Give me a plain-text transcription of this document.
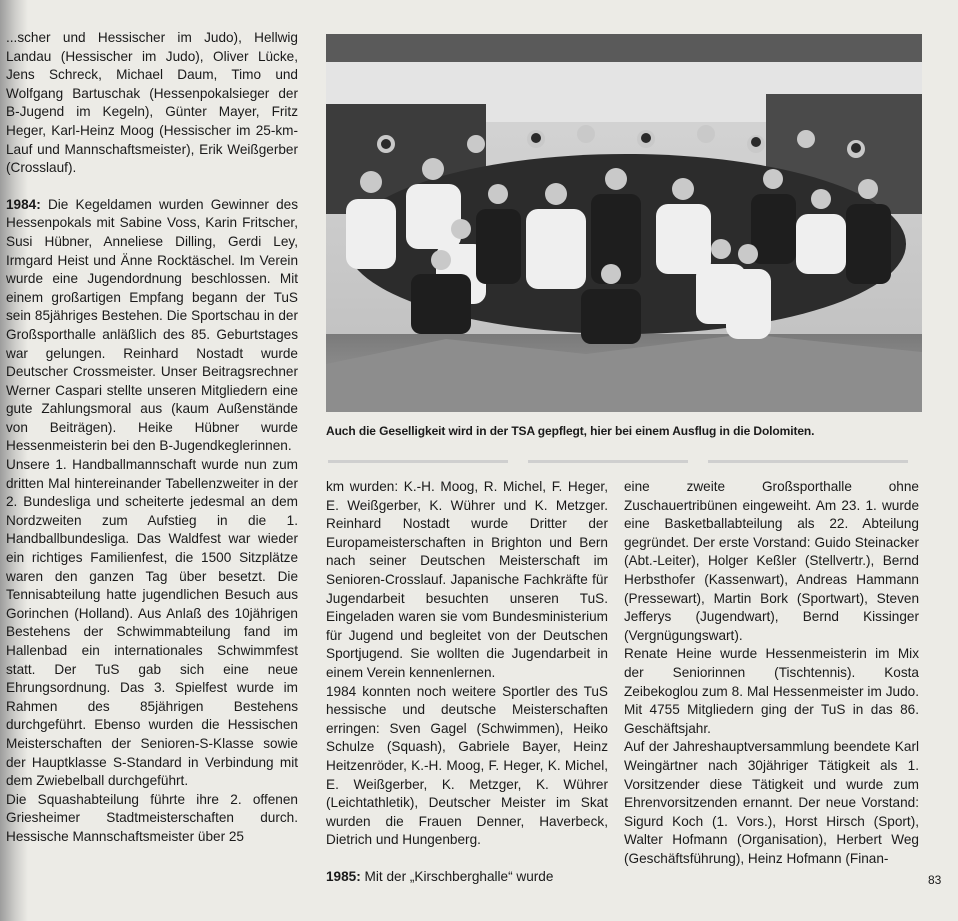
...scher und Hessischer im Judo), Hellwig Landau (Hessischer im Judo), Oliver Lücke, Jens Schreck, Michael Daum, Timo und Wolfgang Bartuschak (Hessenpokalsieger der B-Jugend im Kegeln), Günter Mayer, Fritz Heger, Karl-Heinz Moog (Hessischer im 25-km-Lauf und Mannschaftsmeister), Erik Weißgerber (Crosslauf).

1984: Die Kegeldamen wurden Gewinner des Hessenpokals mit Sabine Voss, Karin Fritscher, Susi Hübner, Anneliese Dilling, Gerdi Ley, Irmgard Heist und Änne Rocktäschel. Im Verein wurde eine Jugendordnung beschlossen. Mit einem großartigen Empfang begann der TuS sein 85jähriges Bestehen. Die Sportschau in der Großsporthalle anläßlich des 85. Geburtstages war gelungen. Reinhard Nostadt wurde Deutscher Crossmeister. Unser Beitragsrechner Werner Caspari stellte unseren Mitgliedern eine gute Zahlungsmoral aus (kaum Außenstände von Beiträgen). Heike Hübner wurde Hessenmeisterin bei den B-Jugendkeglerinnen.

Unsere 1. Handballmannschaft wurde nun zum dritten Mal hintereinander Tabellenzweiter in der 2. Bundesliga und scheiterte jedesmal an dem Nordzweiten zum Aufstieg in die 1. Handballbundesliga. Das Waldfest war wieder ein richtiges Familienfest, die 1500 Sitzplätze waren den ganzen Tag über besetzt. Die Tennisabteilung hatte jugendlichen Besuch aus Gorinchen (Holland). Aus Anlaß des 10jährigen Bestehens der Schwimmabteilung fand im Hallenbad ein internationales Schwimmfest statt. Der TuS gab sich eine neue Ehrungsordnung. Das 3. Spielfest wurde im Rahmen des 85jährigen Bestehens durchgeführt. Ebenso wurden die Hessischen Meisterschaften der Senioren-S-Klasse sowie der Hauptklasse S-Standard in Verbindung mit dem Zwiebelball durchgeführt.

Die Squashabteilung führte ihre 2. offenen Griesheimer Stadtmeisterschaften durch. Hessische Mannschaftsmeister über 25

Auch die Geselligkeit wird in der TSA gepflegt, hier bei einem Ausflug in die Dolomiten.

km wurden: K.-H. Moog, R. Michel, F. Heger, E. Weißgerber, K. Wührer und K. Metzger. Reinhard Nostadt wurde Dritter der Europameisterschaften in Brighton und Bern nach seiner Deutschen Meisterschaft im Senioren-Crosslauf. Japanische Fachkräfte für Jugendarbeit besuchten unseren TuS. Eingeladen waren sie vom Bundesministerium für Jugend und begleitet von der Deutschen Sportjugend. Sie wollten die Jugendarbeit in einem Verein kennenlernen.

1984 konnten noch weitere Sportler des TuS hessische und deutsche Meisterschaften erringen: Sven Gagel (Schwimmen), Heiko Schulze (Squash), Gabriele Bayer, Heinz Heitzenröder, K.-H. Moog, F. Heger, K. Michel, E. Weißgerber, K. Metzger, K. Wührer (Leichtathletik), Deutscher Meister im Skat wurden die Frauen Denner, Haverbeck, Dietrich und Hungenberg.

1985: Mit der „Kirschberghalle“ wurde

eine zweite Großsporthalle ohne Zuschauertribünen eingeweiht. Am 23. 1. wurde eine Basketballabteilung als 22. Abteilung gegründet. Der erste Vorstand: Guido Steinacker (Abt.-Leiter), Holger Keßler (Stellvertr.), Bernd Herbsthofer (Kassenwart), Andreas Hammann (Pressewart), Martin Bork (Sportwart), Steven Jefferys (Jugendwart), Bernd Kissinger (Vergnügungswart).

Renate Heine wurde Hessenmeisterin im Mix der Seniorinnen (Tischtennis). Kosta Zeibekoglou zum 8. Mal Hessenmeister im Judo. Mit 4755 Mitgliedern ging der TuS in das 86. Geschäftsjahr.

Auf der Jahreshauptversammlung beendete Karl Weingärtner nach 30jähriger Tätigkeit als 1. Vorsitzender diese Tätigkeit und wurde zum Ehrenvorsitzenden ernannt. Der neue Vorstand: Sigurd Koch (1. Vors.), Horst Hirsch (Sport), Walter Hofmann (Organisation), Herbert Weg (Geschäftsführung), Heinz Hofmann (Finan-

83
